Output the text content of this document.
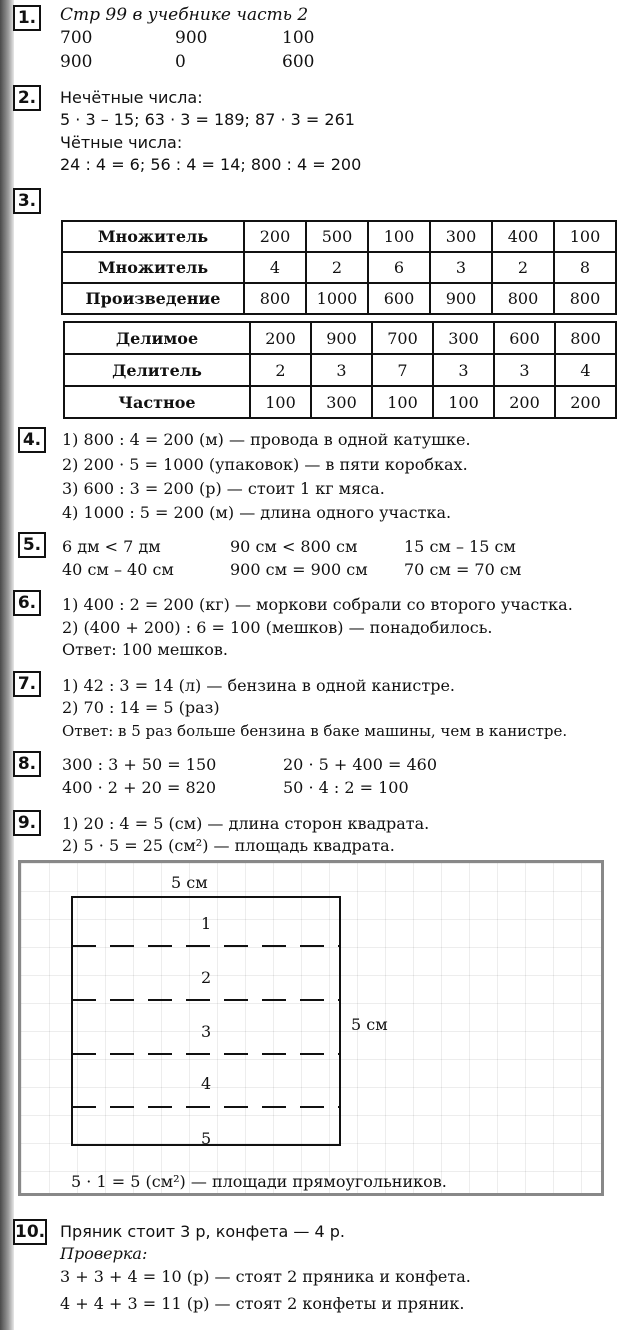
1. Стр 99 в учебнике часть 2
700	900	100
900	0	600
2.	Нечётные числа:
5 · 3 – 15; 63 · 3 = 189; 87 · 3 = 261
Чётные числа:
24 : 4 = 6; 56 : 4 = 14; 800 : 4 = 200
3.
Множитель	200	500	100	300	400	100
Множитель	4	2	6	3	2	8
Произведение	800	1000	600	900	800	800
Делимое	200	900	700	300	600	800
Делитель	2	3	7	3	3	4
Частное	100	300	100	100	200	200
4.	1) 800 : 4 = 200 (м) — провода в одной катушке.
2) 200 · 5 = 1000 (упаковок) — в пяти коробках.
3) 600 : 3 = 200 (р) — стоит 1 кг мяса.
4) 1000 : 5 = 200 (м) — длина одного участка.
5.	6 дм < 7 дм	90 см < 800 см	15 см – 15 см
40 см – 40 см	900 см = 900 см 70 см = 70 см
6.	1) 400 : 2 = 200 (кг) — моркови собрали со второго участка.
2) (400 + 200) : 6 = 100 (мешков) — понадобилось.
Ответ: 100 мешков.
7.	1) 42 : 3 = 14 (л) — бензина в одной канистре.
2) 70 : 14 = 5 (раз)
Ответ: в 5 раз больше бензина в баке машины, чем в канистре.
8.	300 : 3 + 50 = 150	20 · 5 + 400 = 460
400 · 2 + 20 = 820	50 · 4 : 2 = 100
9.	1) 20 : 4 = 5 (см) — длина сторон квадрата.
2) 5 · 5 = 25 (см²) — площадь квадрата.
5 см
5 см
1
2
3
4
5
5 · 1 = 5 (см²) — площади прямоугольников.
10. Пряник стоит 3 р, конфета — 4 р.
Проверка:
3 + 3 + 4 = 10 (р) — стоят 2 пряника и конфета.
4 + 4 + 3 = 11 (р) — стоят 2 конфеты и пряник.
